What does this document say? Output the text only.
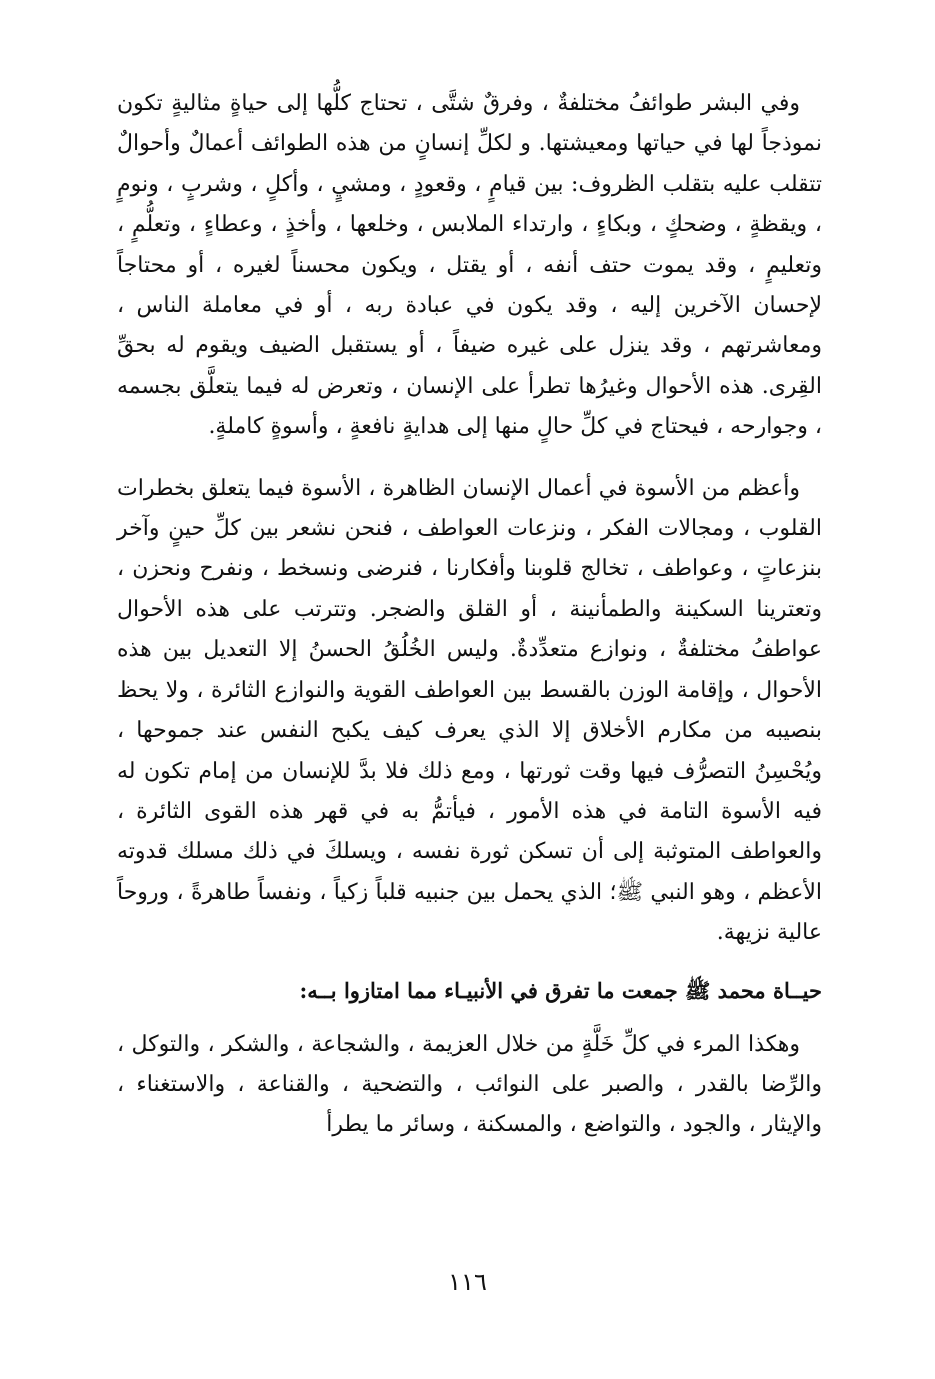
وفي البشر طوائفُ مختلفةٌ ، وفرقٌ شتَّى ، تحتاج كلُّها إلى حياةٍ مثاليةٍ تكون نموذجاً لها في حياتها ومعيشتها. و لكلِّ إنسانٍ من هذه الطوائف أعمالٌ وأحوالٌ تتقلب عليه بتقلب الظروف: بين قيامٍ ، وقعودٍ ، ومشيٍ ، وأكلٍ ، وشربٍ ، ونومٍ ، ويقظةٍ ، وضحكٍ ، وبكاءٍ ، وارتداء الملابس ، وخلعها ، وأخذٍ ، وعطاءٍ ، وتعلُّمٍ ، وتعليمٍ ، وقد يموت حتف أنفه ، أو يقتل ، ويكون محسناً لغيره ، أو محتاجاً لإحسان الآخرين إليه ، وقد يكون في عبادة ربه ، أو في معاملة الناس ، ومعاشرتهم ، وقد ينزل على غيره ضيفاً ، أو يستقبل الضيف ويقوم له بحقِّ القِرى. هذه الأحوال وغيرُها تطرأ على الإنسان ، وتعرض له فيما يتعلَّق بجسمه ، وجوارحه ، فيحتاج في كلِّ حالٍ منها إلى هدايةٍ نافعةٍ ، وأسوةٍ كاملةٍ.

وأعظم من الأسوة في أعمال الإنسان الظاهرة ، الأسوة فيما يتعلق بخطرات القلوب ، ومجالات الفكر ، ونزعات العواطف ، فنحن نشعر بين كلِّ حينٍ وآخر بنزعاتٍ ، وعواطف ، تخالج قلوبنا وأفكارنا ، فنرضى ونسخط ، ونفرح ونحزن ، وتعترينا السكينة والطمأنينة ، أو القلق والضجر. وتترتب على هذه الأحوال عواطفُ مختلفةٌ ، ونوازع متعدِّدةٌ. وليس الخُلُقُ الحسنُ إلا التعديل بين هذه الأحوال ، وإقامة الوزن بالقسط بين العواطف القوية والنوازع الثائرة ، ولا يحظ بنصيبه من مكارم الأخلاق إلا الذي يعرف كيف يكبح النفس عند جموحها ، ويُحْسِنُ التصرُّف فيها وقت ثورتها ، ومع ذلك فلا بدَّ للإنسان من إمام تكون له فيه الأسوة التامة في هذه الأمور ، فيأتمُّ به في قهر هذه القوى الثائرة ، والعواطف المتوثبة إلى أن تسكن ثورة نفسه ، ويسلكَ في ذلك مسلك قدوته الأعظم ، وهو النبي ﷺ؛ الذي يحمل بين جنبيه قلباً زكياً ، ونفساً طاهرةً ، وروحاً عالية نزيهة.

حيــاة محمد ﷺ جمعت ما تفرق في الأنبيـاء مما امتازوا بــه:

وهكذا المرء في كلِّ خَلَّةٍ من خلال العزيمة ، والشجاعة ، والشكر ، والتوكل ، والرِّضا بالقدر ، والصبر على النوائب ، والتضحية ، والقناعة ، والاستغناء ، والإيثار ، والجود ، والتواضع ، والمسكنة ، وسائر ما يطرأ

١١٦
